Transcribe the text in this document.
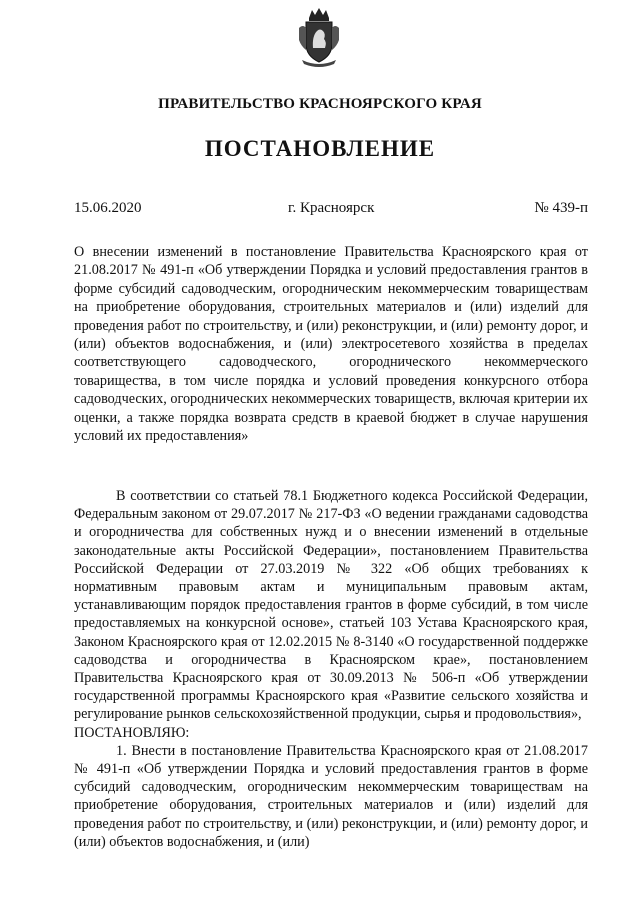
ПРАВИТЕЛЬСТВО КРАСНОЯРСКОГО КРАЯ
ПОСТАНОВЛЕНИЕ
15.06.2020	г. Красноярск	№ 439-п

О внесении изменений в постановление Правительства Красноярского края от 21.08.2017 № 491-п «Об утверждении Порядка и условий предоставления грантов в форме субсидий садоводческим, огородническим некоммерческим товариществам на приобретение оборудования, строительных материалов и (или) изделий для проведения работ по строительству, и (или) реконструкции, и (или) ремонту дорог, и (или) объектов водоснабжения, и (или) электросетевого хозяйства в пределах соответствующего садоводческого, огороднического некоммерческого товарищества, в том числе порядка и условий проведения конкурсного отбора садоводческих, огороднических некоммерческих товариществ, включая критерии их оценки, а также порядка возврата средств в краевой бюджет в случае нарушения условий их предоставления»

В соответствии со статьей 78.1 Бюджетного кодекса Российской Федерации, Федеральным законом от 29.07.2017 № 217-ФЗ «О ведении гражданами садоводства и огородничества для собственных нужд и о внесении изменений в отдельные законодательные акты Российской Федерации», постановлением Правительства Российской Федерации от 27.03.2019 № 322 «Об общих требованиях к нормативным правовым актам и муниципальным правовым актам, устанавливающим порядок предоставления грантов в форме субсидий, в том числе предоставляемых на конкурсной основе», статьей 103 Устава Красноярского края, Законом Красноярского края от 12.02.2015 № 8-3140 «О государственной поддержке садоводства и огородничества в Красноярском крае», постановлением Правительства Красноярского края от 30.09.2013 № 506-п «Об утверждении государственной программы Красноярского края «Развитие сельского хозяйства и регулирование рынков сельскохозяйственной продукции, сырья и продовольствия»,

ПОСТАНОВЛЯЮ:

1. Внести в постановление Правительства Красноярского края от 21.08.2017 № 491-п «Об утверждении Порядка и условий предоставления грантов в форме субсидий садоводческим, огородническим некоммерческим товариществам на приобретение оборудования, строительных материалов и (или) изделий для проведения работ по строительству, и (или) реконструкции, и (или) ремонту дорог, и (или) объектов водоснабжения, и (или)
